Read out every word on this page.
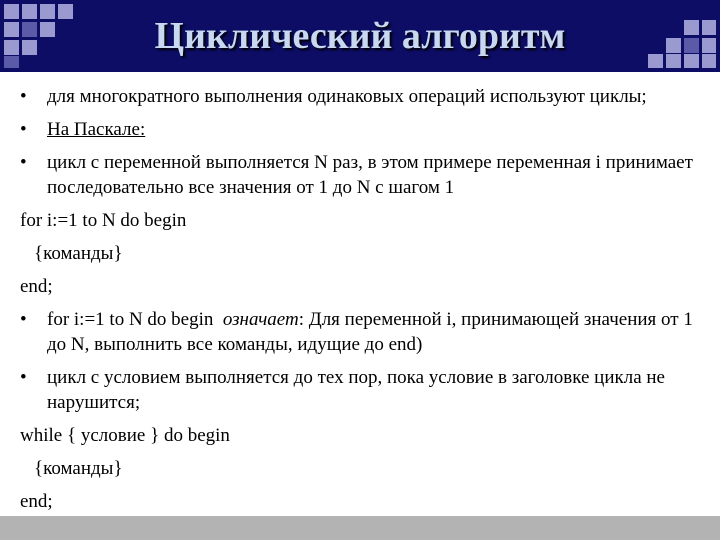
Циклический алгоритм
• для многократного выполнения одинаковых операций используют циклы;
• На Паскале:
• цикл с переменной выполняется N раз, в этом примере переменная i принимает последовательно все значения от 1 до N с шагом 1
for i:=1 to N do begin
{команды}
end;
• for i:=1 to N do begin означает: Для переменной i, принимающей значения от 1 до N, выполнить все команды, идущие до end)
• цикл с условием выполняется до тех пор, пока условие в заголовке цикла не нарушится;
while { условие } do begin
{команды}
end;
